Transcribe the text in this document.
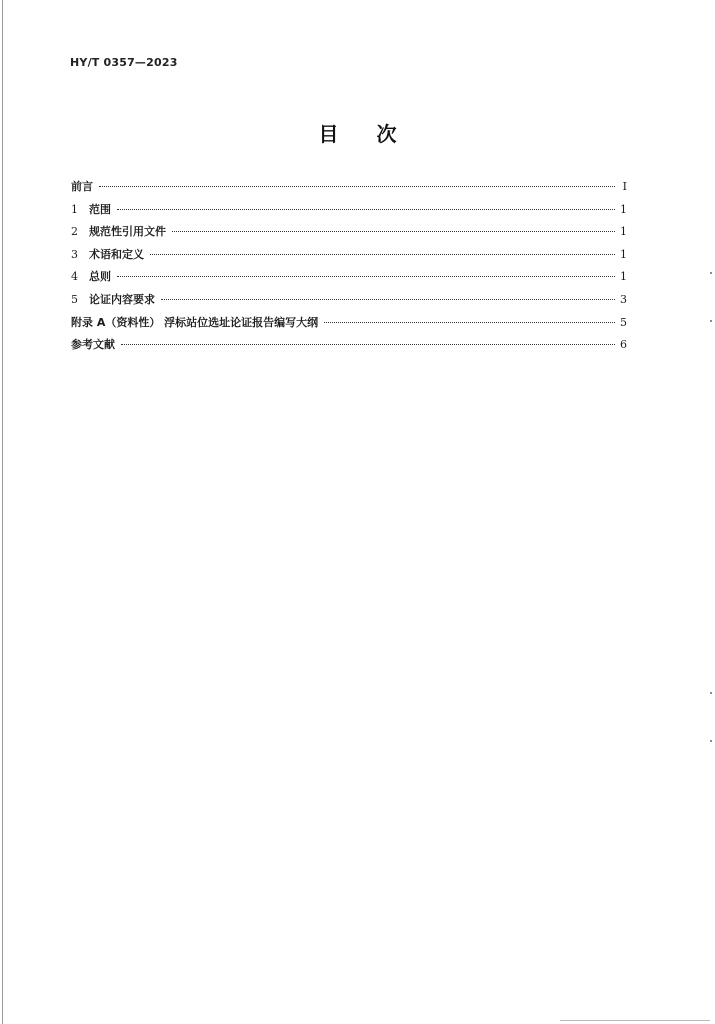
HY/T 0357—2023
目 次
前言	Ⅰ
1	范围	1
2	规范性引用文件	1
3	术语和定义	1
4	总则	1
5	论证内容要求	3
附录 A（资料性） 浮标站位选址论证报告编写大纲	5
参考文献	6
